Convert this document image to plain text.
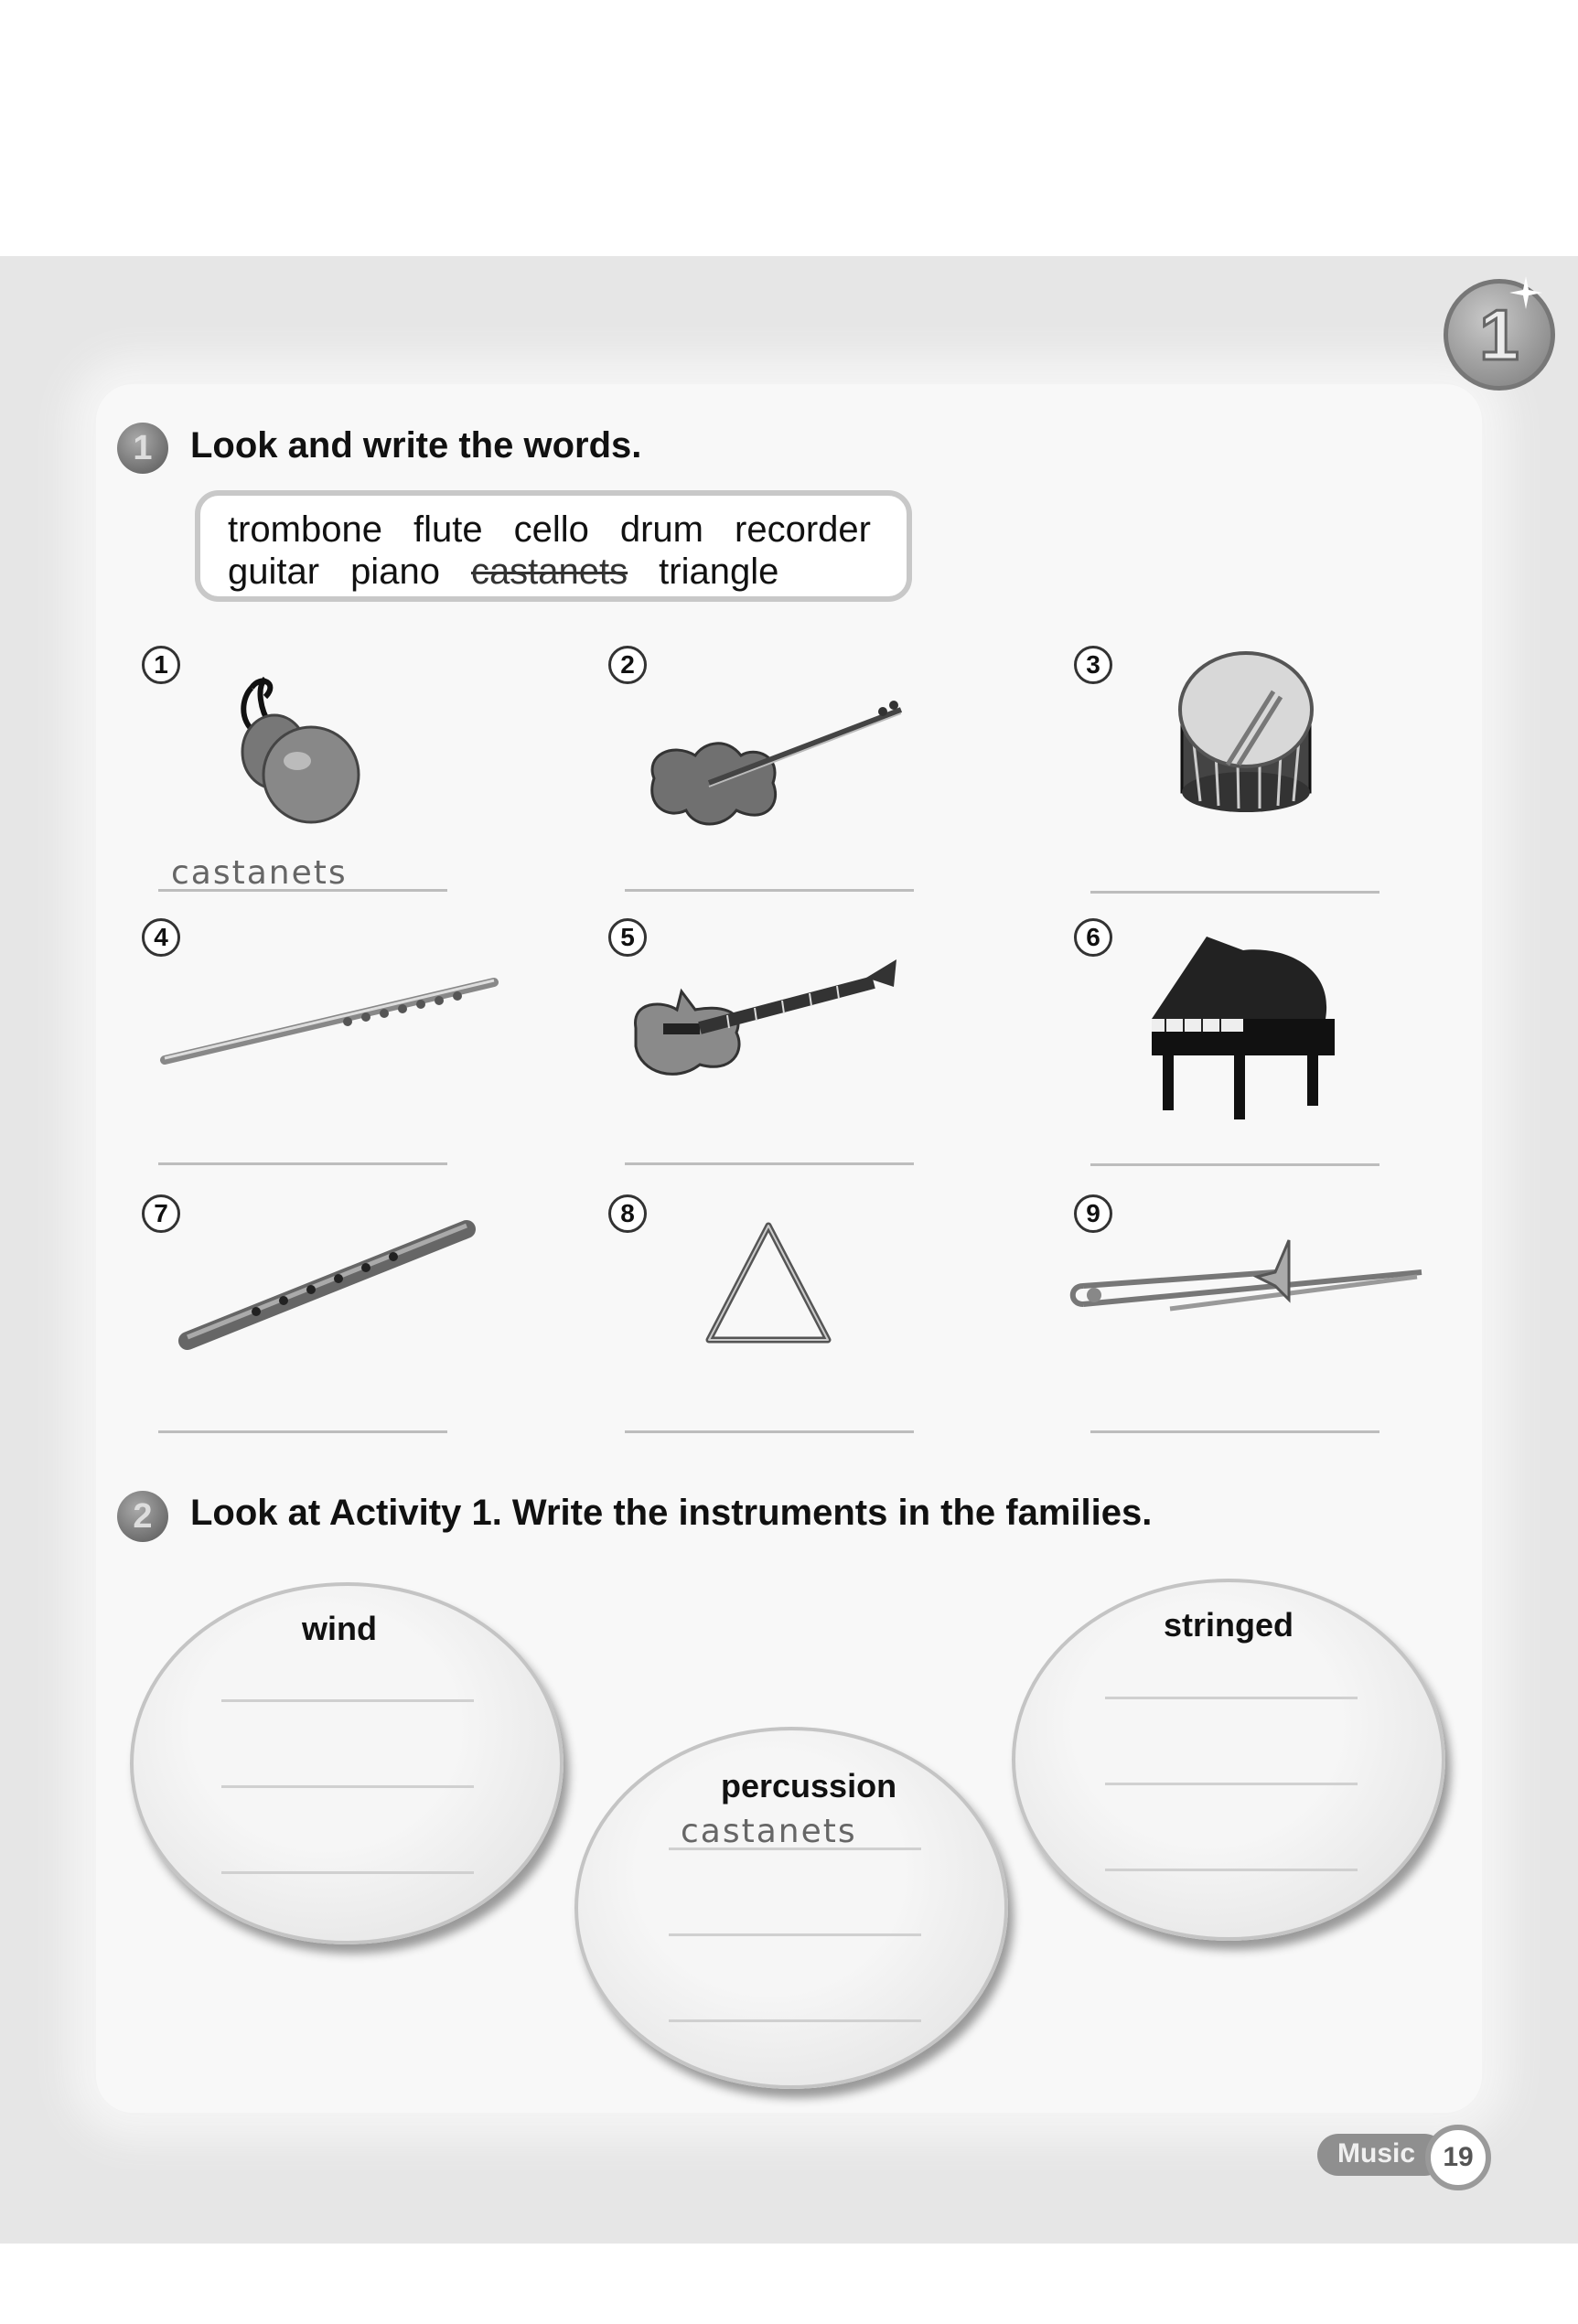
1
1	Look and write the words.
trombone flute cello drum recorder
guitar piano castanets triangle
1
castanets
2	3
4	5	6
7	8	9
2	Look at Activity 1. Write the instruments in the families.
wind
percussion
castanets
stringed
Music	19
